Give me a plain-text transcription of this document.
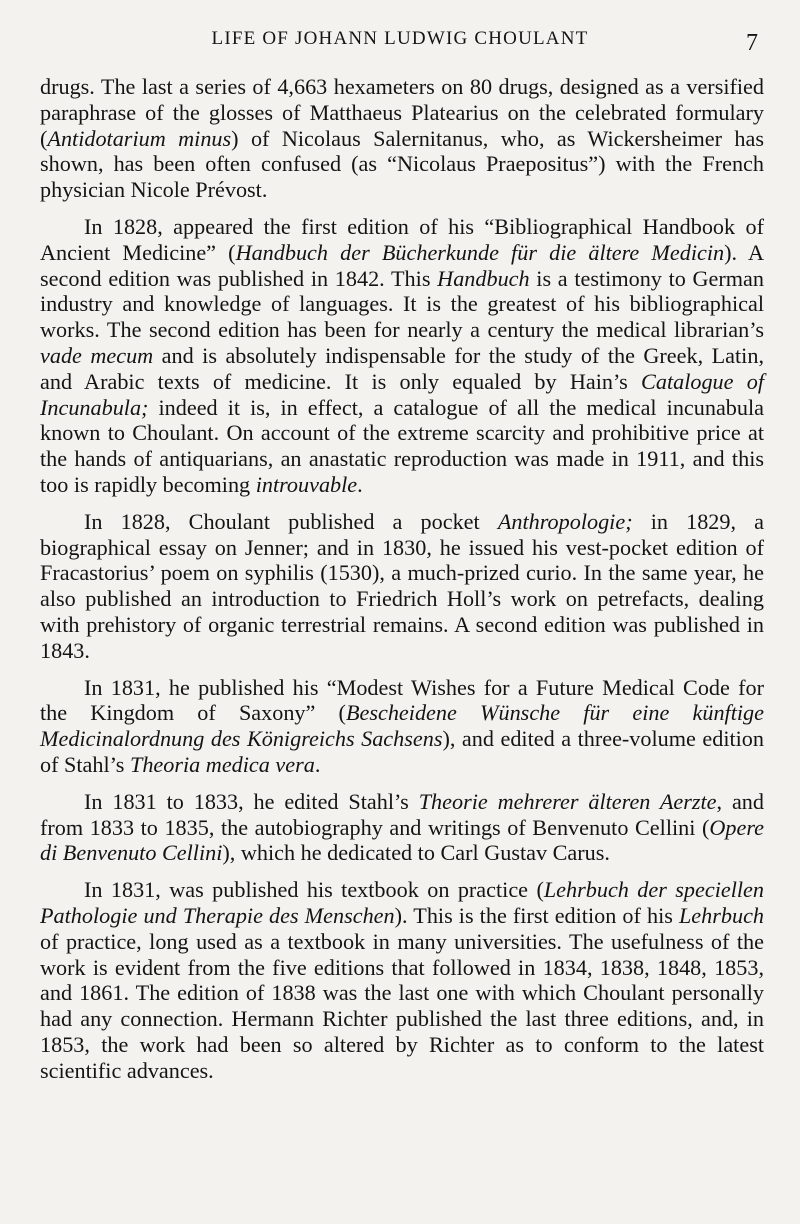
LIFE OF JOHANN LUDWIG CHOULANT	7

drugs. The last a series of 4,663 hexameters on 80 drugs, designed as a versified paraphrase of the glosses of Matthaeus Platearius on the celebrated formulary (Antidotarium minus) of Nicolaus Salernitanus, who, as Wickersheimer has shown, has been often confused (as “Nicolaus Praepositus”) with the French physician Nicole Prévost.

In 1828, appeared the first edition of his “Bibliographical Handbook of Ancient Medicine” (Handbuch der Bücherkunde für die ältere Medicin). A second edition was published in 1842. This Handbuch is a testimony to German industry and knowledge of languages. It is the greatest of his bibliographical works. The second edition has been for nearly a century the medical librarian’s vade mecum and is absolutely indispensable for the study of the Greek, Latin, and Arabic texts of medicine. It is only equaled by Hain’s Catalogue of Incunabula; indeed it is, in effect, a catalogue of all the medical incunabula known to Choulant. On account of the extreme scarcity and prohibitive price at the hands of antiquarians, an anastatic reproduction was made in 1911, and this too is rapidly becoming introuvable.

In 1828, Choulant published a pocket Anthropologie; in 1829, a biographical essay on Jenner; and in 1830, he issued his vest-pocket edition of Fracastorius’ poem on syphilis (1530), a much-prized curio. In the same year, he also published an introduction to Friedrich Holl’s work on petrefacts, dealing with prehistory of organic terrestrial remains. A second edition was published in 1843.

In 1831, he published his “Modest Wishes for a Future Medical Code for the Kingdom of Saxony” (Bescheidene Wünsche für eine künftige Medicinalordnung des Königreichs Sachsens), and edited a three-volume edition of Stahl’s Theoria medica vera.

In 1831 to 1833, he edited Stahl’s Theorie mehrerer älteren Aerzte, and from 1833 to 1835, the autobiography and writings of Benvenuto Cellini (Opere di Benvenuto Cellini), which he dedicated to Carl Gustav Carus.

In 1831, was published his textbook on practice (Lehrbuch der speciellen Pathologie und Therapie des Menschen). This is the first edition of his Lehrbuch of practice, long used as a textbook in many universities. The usefulness of the work is evident from the five editions that followed in 1834, 1838, 1848, 1853, and 1861. The edition of 1838 was the last one with which Choulant personally had any connection. Hermann Richter published the last three editions, and, in 1853, the work had been so altered by Richter as to conform to the latest scientific advances.
